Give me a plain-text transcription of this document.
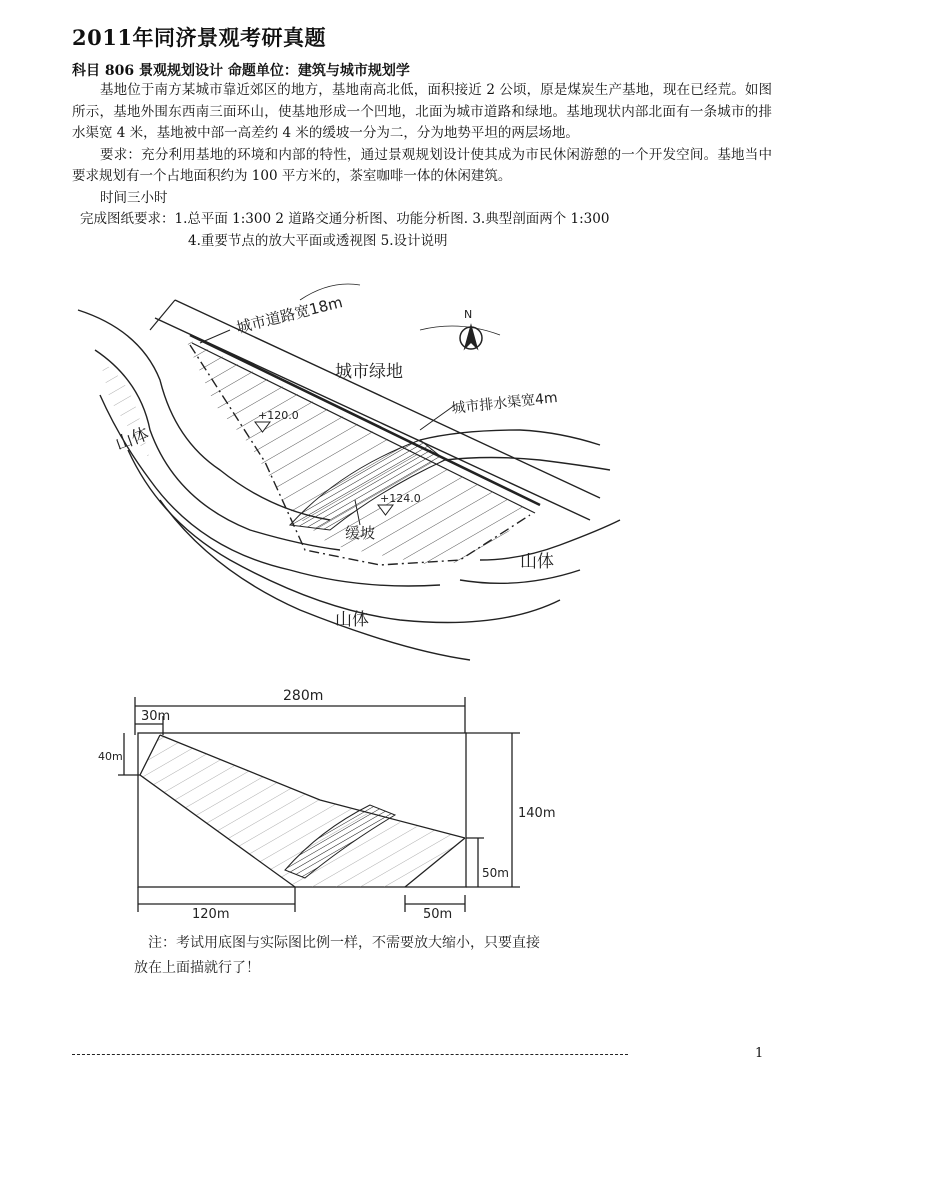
2011年同济景观考研真题
科目 806 景观规划设计 命题单位：建筑与城市规划学

基地位于南方某城市靠近郊区的地方，基地南高北低，面积接近 2 公顷，原是煤炭生产基地，现在已经荒。如图所示，基地外围东西南三面环山，使基地形成一个凹地，北面为城市道路和绿地。基地现状内部北面有一条城市的排水渠宽 4 米，基地被中部一高差约 4 米的缓坡一分为二，分为地势平坦的两层场地。

要求：充分利用基地的环境和内部的特性，通过景观规划设计使其成为市民休闲游憩的一个开发空间。基地当中要求规划有一个占地面积约为 100 平方米的，茶室咖啡一体的休闲建筑。

时间三小时

完成图纸要求：1.总平面 1:300 2 道路交通分析图、功能分析图. 3.典型剖面两个 1:300

4.重要节点的放大平面或透视图 5.设计说明

城市道路宽18m	N
城市绿地
城市排水渠宽4m
山体
山体
山体
缓坡
+120.0
+124.0
280m
30m
40m
140m
50m
120m	50m
注：考试用底图与实际图比例一样，不需要放大缩小，只要直接
放在上面描就行了！
1
